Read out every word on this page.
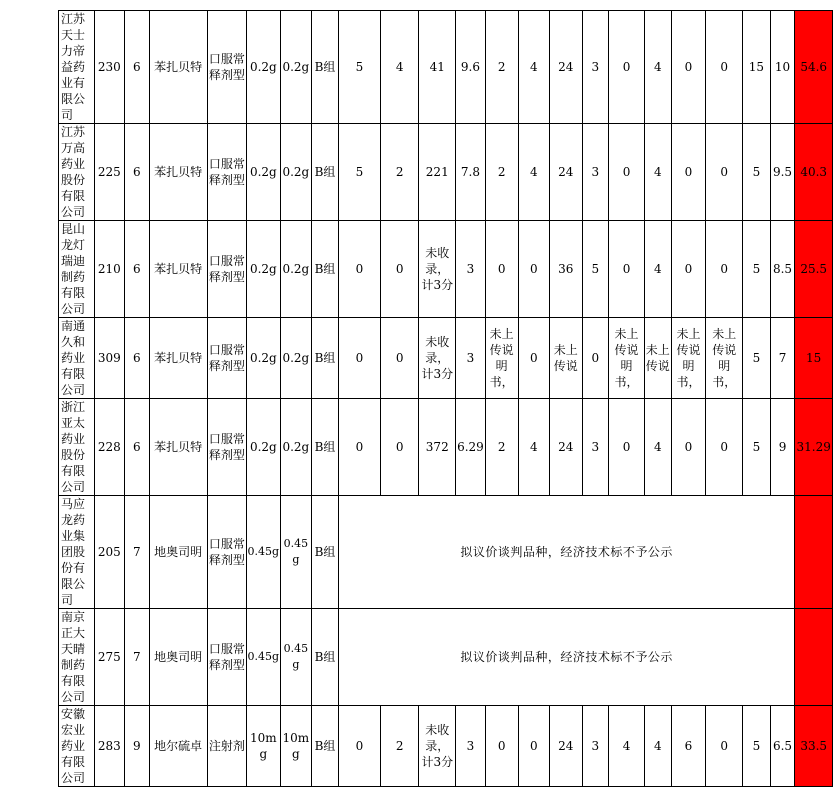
江苏天士力帝益药业有限公司	230	6	苯扎贝特	口服常释剂型	0.2g	0.2g	B组	5	4	41	9.6	2	4	24	3	0	4	0	0	15	10	54.6
江苏万高药业股份有限公司	225	6	苯扎贝特	口服常释剂型	0.2g	0.2g	B组	5	2	221	7.8	2	4	24	3	0	4	0	0	5	9.5	40.3
昆山龙灯瑞迪制药有限公司	210	6	苯扎贝特	口服常释剂型	0.2g	0.2g	B组	0	0	未收录，计3分	3	0	0	36	5	0	4	0	0	5	8.5	25.5
南通久和药业有限公司	309	6	苯扎贝特	口服常释剂型	0.2g	0.2g	B组	0	0	未收录，计3分	3	未上传说明书，	0	未上传说	0	未上传说明书，	未上传说	未上传说明书，	未上传说明书，	5	7	15
浙江亚太药业股份有限公司	228	6	苯扎贝特	口服常释剂型	0.2g	0.2g	B组	0	0	372	6.29	2	4	24	3	0	4	0	0	5	9	31.29
马应龙药业集团股份有限公司	205	7	地奥司明	口服常释剂型	0.45g	0.45g	B组	拟议价谈判品种，经济技术标不予公示														
南京正大天晴制药有限公司	275	7	地奥司明	口服常释剂型	0.45g	0.45g	B组	拟议价谈判品种，经济技术标不予公示														
安徽宏业药业有限公司	283	9	地尔硫卓	注射剂	10mg	10mg	B组	0	2	未收录，计3分	3	0	0	24	3	4	4	6	0	5	6.5	33.5
